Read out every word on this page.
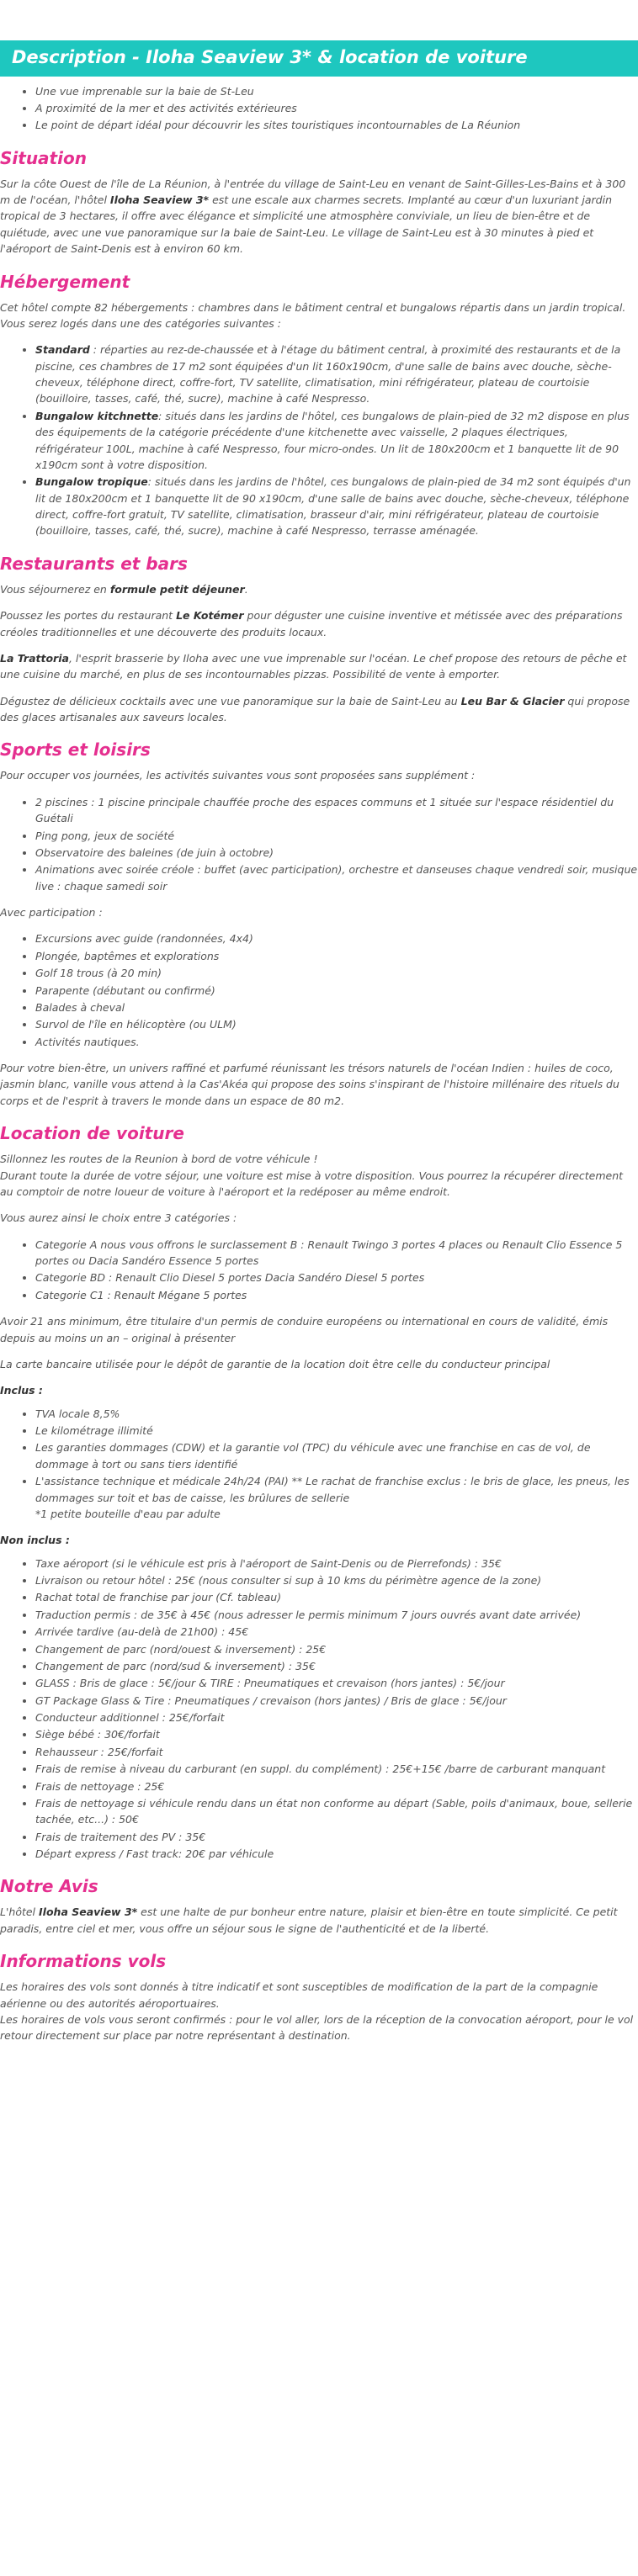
Description - Iloha Seaview 3* & location de voiture
• Une vue imprenable sur la baie de St-Leu
• A proximité de la mer et des activités extérieures
• Le point de départ idéal pour découvrir les sites touristiques incontournables de La Réunion
Situation

Sur la côte Ouest de l'île de La Réunion, à l'entrée du village de Saint-Leu en venant de Saint-Gilles-Les-Bains et à 300 m de l'océan, l'hôtel Iloha Seaview 3* est une escale aux charmes secrets. Implanté au cœur d'un luxuriant jardin tropical de 3 hectares, il offre avec élégance et simplicité une atmosphère conviviale, un lieu de bien-être et de quiétude, avec une vue panoramique sur la baie de Saint-Leu. Le village de Saint-Leu est à 30 minutes à pied et l'aéroport de Saint-Denis est à environ 60 km.

Hébergement

Cet hôtel compte 82 hébergements : chambres dans le bâtiment central et bungalows répartis dans un jardin tropical. Vous serez logés dans une des catégories suivantes :

• Standard : réparties au rez-de-chaussée et à l'étage du bâtiment central, à proximité des restaurants et de la piscine, ces chambres de 17 m2 sont équipées d'un lit 160x190cm, d'une salle de bains avec douche, sèche-cheveux, téléphone direct, coffre-fort, TV satellite, climatisation, mini réfrigérateur, plateau de courtoisie (bouilloire, tasses, café, thé, sucre), machine à café Nespresso.
• Bungalow kitchnette: situés dans les jardins de l'hôtel, ces bungalows de plain-pied de 32 m2 dispose en plus des équipements de la catégorie précédente d'une kitchenette avec vaisselle, 2 plaques électriques, réfrigérateur 100L, machine à café Nespresso, four micro-ondes. Un lit de 180x200cm et 1 banquette lit de 90 x190cm sont à votre disposition.
• Bungalow tropique: situés dans les jardins de l'hôtel, ces bungalows de plain-pied de 34 m2 sont équipés d'un lit de 180x200cm et 1 banquette lit de 90 x190cm, d'une salle de bains avec douche, sèche-cheveux, téléphone direct, coffre-fort gratuit, TV satellite, climatisation, brasseur d'air, mini réfrigérateur, plateau de courtoisie (bouilloire, tasses, café, thé, sucre), machine à café Nespresso, terrasse aménagée.
Restaurants et bars

Vous séjournerez en formule petit déjeuner.

Poussez les portes du restaurant Le Kotémer pour déguster une cuisine inventive et métissée avec des préparations créoles traditionnelles et une découverte des produits locaux.

La Trattoria, l'esprit brasserie by Iloha avec une vue imprenable sur l'océan. Le chef propose des retours de pêche et une cuisine du marché, en plus de ses incontournables pizzas. Possibilité de vente à emporter.

Dégustez de délicieux cocktails avec une vue panoramique sur la baie de Saint-Leu au Leu Bar & Glacier qui propose des glaces artisanales aux saveurs locales.

Sports et loisirs

Pour occuper vos journées, les activités suivantes vous sont proposées sans supplément :

• 2 piscines : 1 piscine principale chauffée proche des espaces communs et 1 située sur l'espace résidentiel du Guétali
• Ping pong, jeux de société
• Observatoire des baleines (de juin à octobre)
• Animations avec soirée créole : buffet (avec participation), orchestre et danseuses chaque vendredi soir, musique live : chaque samedi soir

Avec participation :

• Excursions avec guide (randonnées, 4x4)
• Plongée, baptêmes et explorations
• Golf 18 trous (à 20 min)
• Parapente (débutant ou confirmé)
• Balades à cheval
• Survol de l'île en hélicoptère (ou ULM)
• Activités nautiques.

Pour votre bien-être, un univers raffiné et parfumé réunissant les trésors naturels de l'océan Indien : huiles de coco, jasmin blanc, vanille vous attend à la Cas'Akéa qui propose des soins s'inspirant de l'histoire millénaire des rituels du corps et de l'esprit à travers le monde dans un espace de 80 m2.

Location de voiture

Sillonnez les routes de la Reunion à bord de votre véhicule !
Durant toute la durée de votre séjour, une voiture est mise à votre disposition. Vous pourrez la récupérer directement au comptoir de notre loueur de voiture à l'aéroport et la redéposer au même endroit.

Vous aurez ainsi le choix entre 3 catégories :

• Categorie A nous vous offrons le surclassement B : Renault Twingo 3 portes 4 places ou Renault Clio Essence 5 portes ou Dacia Sandéro Essence 5 portes
• Categorie BD : Renault Clio Diesel 5 portes Dacia Sandéro Diesel 5 portes
• Categorie C1 : Renault Mégane 5 portes

Avoir 21 ans minimum, être titulaire d'un permis de conduire européens ou international en cours de validité, émis depuis au moins un an – original à présenter

La carte bancaire utilisée pour le dépôt de garantie de la location doit être celle du conducteur principal

Inclus :

• TVA locale 8,5%
• Le kilométrage illimité
• Les garanties dommages (CDW) et la garantie vol (TPC) du véhicule avec une franchise en cas de vol, de dommage à tort ou sans tiers identifié
• L'assistance technique et médicale 24h/24 (PAI) ** Le rachat de franchise exclus : le bris de glace, les pneus, les dommages sur toit et bas de caisse, les brûlures de sellerie
*1 petite bouteille d'eau par adulte

Non inclus :

• Taxe aéroport (si le véhicule est pris à l'aéroport de Saint-Denis ou de Pierrefonds) : 35€
• Livraison ou retour hôtel : 25€ (nous consulter si sup à 10 kms du périmètre agence de la zone)
• Rachat total de franchise par jour (Cf. tableau)
• Traduction permis : de 35€ à 45€ (nous adresser le permis minimum 7 jours ouvrés avant date arrivée)
• Arrivée tardive (au-delà de 21h00) : 45€
• Changement de parc (nord/ouest & inversement) : 25€
• Changement de parc (nord/sud & inversement) : 35€
• GLASS : Bris de glace : 5€/jour & TIRE : Pneumatiques et crevaison (hors jantes) : 5€/jour
• GT Package Glass & Tire : Pneumatiques / crevaison (hors jantes) / Bris de glace : 5€/jour
• Conducteur additionnel : 25€/forfait
• Siège bébé : 30€/forfait
• Rehausseur : 25€/forfait
• Frais de remise à niveau du carburant (en suppl. du complément) : 25€+15€ /barre de carburant manquant
• Frais de nettoyage : 25€
• Frais de nettoyage si véhicule rendu dans un état non conforme au départ (Sable, poils d'animaux, boue, sellerie tachée, etc...) : 50€
• Frais de traitement des PV : 35€
• Départ express / Fast track: 20€ par véhicule
Notre Avis

L'hôtel Iloha Seaview 3* est une halte de pur bonheur entre nature, plaisir et bien-être en toute simplicité. Ce petit paradis, entre ciel et mer, vous offre un séjour sous le signe de l'authenticité et de la liberté.

Informations vols

Les horaires des vols sont donnés à titre indicatif et sont susceptibles de modification de la part de la compagnie aérienne ou des autorités aéroportuaires.
Les horaires de vols vous seront confirmés : pour le vol aller, lors de la réception de la convocation aéroport, pour le vol retour directement sur place par notre représentant à destination.
